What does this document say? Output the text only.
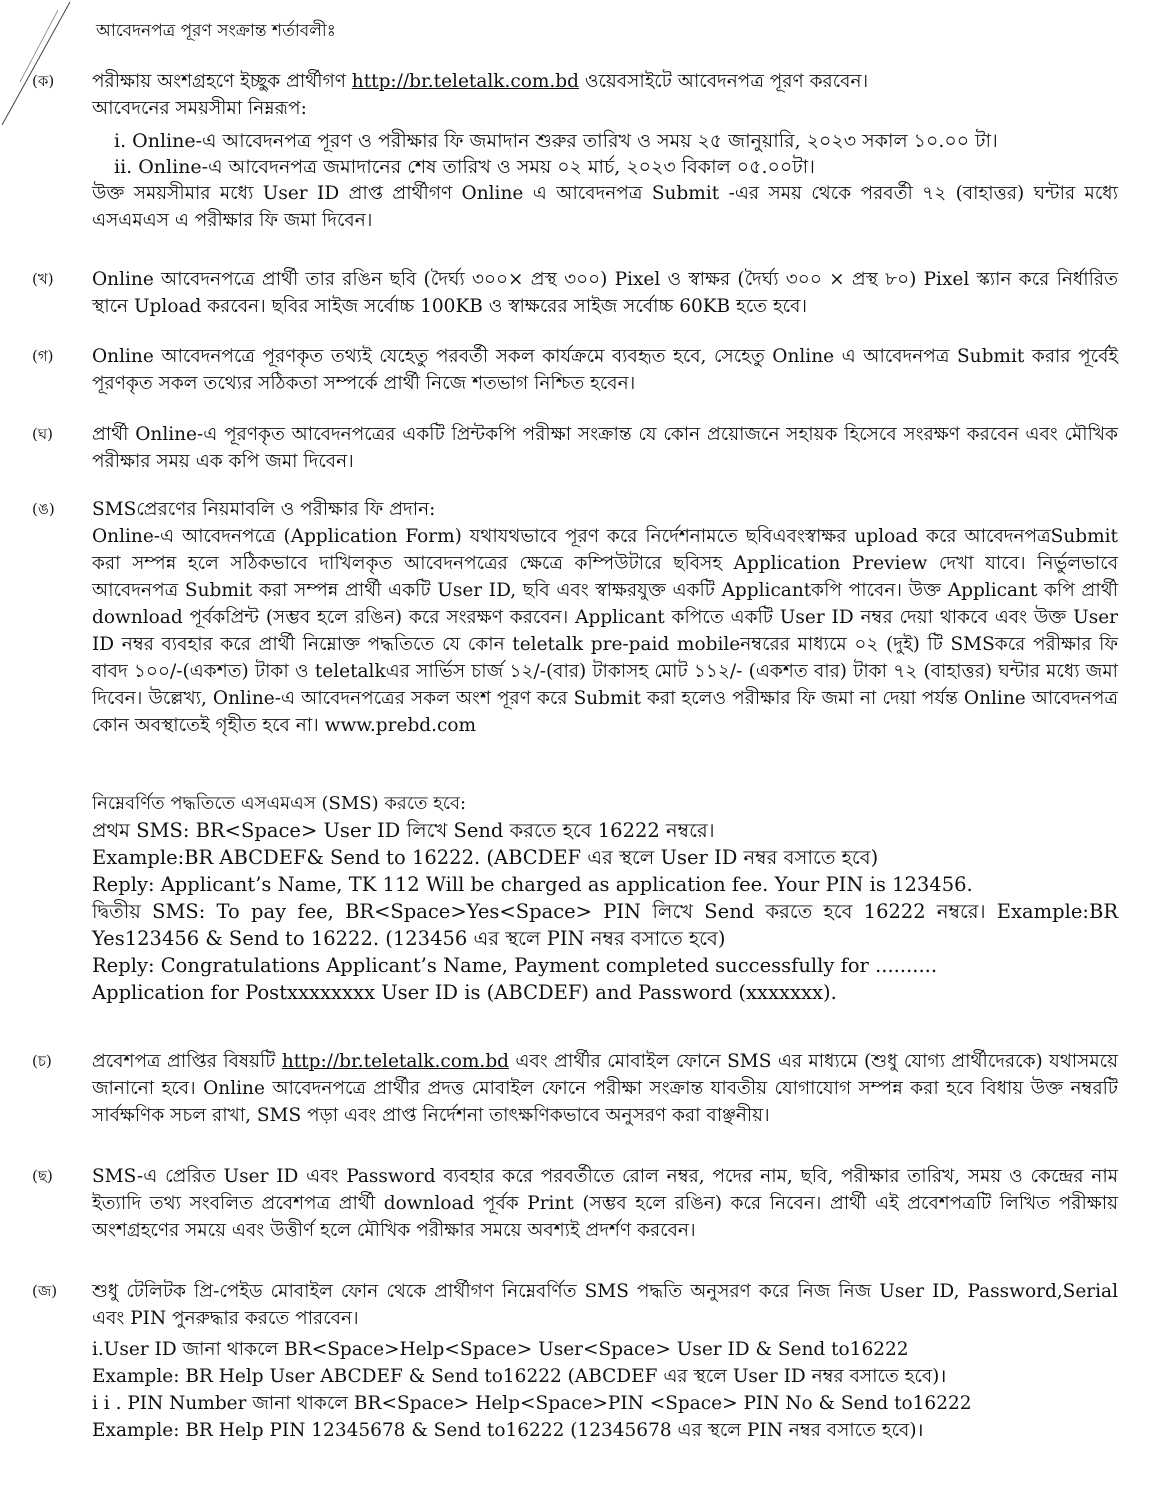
আবেদনপত্র পূরণ সংক্রান্ত শর্তাবলীঃ
(ক) পরীক্ষায় অংশগ্রহণে ইচ্ছুক প্রার্থীগণ http://br.teletalk.com.bd ওয়েবসাইটে আবেদনপত্র পূরণ করবেন।

আবেদনের সময়সীমা নিম্নরূপ:

i. Online-এ আবেদনপত্র পূরণ ও পরীক্ষার ফি জমাদান শুরুর তারিখ ও সময় ২৫ জানুয়ারি, ২০২৩ সকাল ১০.০০ টা।

ii. Online-এ আবেদনপত্র জমাদানের শেষ তারিখ ও সময় ০২ মার্চ, ২০২৩ বিকাল ০৫.০০টা।

উক্ত সময়সীমার মধ্যে User ID প্রাপ্ত প্রার্থীগণ Online এ আবেদনপত্র Submit -এর সময় থেকে পরবর্তী ৭২ (বাহাত্তর) ঘন্টার মধ্যে এসএমএস এ পরীক্ষার ফি জমা দিবেন।

(খ) Online আবেদনপত্রে প্রার্থী তার রঙিন ছবি (দৈর্ঘ্য ৩০০× প্রস্থ ৩০০) Pixel ও স্বাক্ষর (দৈর্ঘ্য ৩০০ × প্রস্থ ৮০) Pixel স্ক্যান করে নির্ধারিত স্থানে Upload করবেন। ছবির সাইজ সর্বোচ্চ 100KB ও স্বাক্ষরের সাইজ সর্বোচ্চ 60KB হতে হবে।

(গ) Online আবেদনপত্রে পূরণকৃত তথ্যই যেহেতু পরবর্তী সকল কার্যক্রমে ব্যবহৃত হবে, সেহেতু Online এ আবেদনপত্র Submit করার পূর্বেই পূরণকৃত সকল তথ্যের সঠিকতা সম্পর্কে প্রার্থী নিজে শতভাগ নিশ্চিত হবেন।

(ঘ) প্রার্থী Online-এ পূরণকৃত আবেদনপত্রের একটি প্রিন্টকপি পরীক্ষা সংক্রান্ত যে কোন প্রয়োজনে সহায়ক হিসেবে সংরক্ষণ করবেন এবং মৌখিক পরীক্ষার সময় এক কপি জমা দিবেন।

(ঙ) SMSপ্রেরণের নিয়মাবলি ও পরীক্ষার ফি প্রদান:

Online-এ আবেদনপত্রে (Application Form) যথাযথভাবে পূরণ করে নির্দেশনামতে ছবিএবংস্বাক্ষর upload করে আবেদনপত্রSubmit করা সম্পন্ন হলে সঠিকভাবে দাখিলকৃত আবেদনপত্রের ক্ষেত্রে কম্পিউটারে ছবিসহ Application Preview দেখা যাবে। নির্ভুলভাবে আবেদনপত্র Submit করা সম্পন্ন প্রার্থী একটি User ID, ছবি এবং স্বাক্ষরযুক্ত একটি Applicantকপি পাবেন। উক্ত Applicant কপি প্রার্থী download পূর্বকপ্রিন্ট (সম্ভব হলে রঙিন) করে সংরক্ষণ করবেন। Applicant কপিতে একটি User ID নম্বর দেয়া থাকবে এবং উক্ত User ID নম্বর ব্যবহার করে প্রার্থী নিম্নোক্ত পদ্ধতিতে যে কোন teletalk pre-paid mobileনম্বরের মাধ্যমে ০২ (দুই) টি SMSকরে পরীক্ষার ফি বাবদ ১০০/-(একশত) টাকা ও teletalkএর সার্ভিস চার্জ ১২/-(বার) টাকাসহ মোট ১১২/- (একশত বার) টাকা ৭২ (বাহাত্তর) ঘন্টার মধ্যে জমা দিবেন। উল্লেখ্য, Online-এ আবেদনপত্রের সকল অংশ পূরণ করে Submit করা হলেও পরীক্ষার ফি জমা না দেয়া পর্যন্ত Online আবেদনপত্র কোন অবস্থাতেই গৃহীত হবে না। www.prebd.com

নিম্নেবর্ণিত পদ্ধতিতে এসএমএস (SMS) করতে হবে:

প্রথম SMS: BR<Space> User ID লিখে Send করতে হবে 16222 নম্বরে।

Example:BR ABCDEF& Send to 16222. (ABCDEF এর স্থলে User ID নম্বর বসাতে হবে)

Reply: Applicant’s Name, TK 112 Will be charged as application fee. Your PIN is 123456.

দ্বিতীয় SMS: To pay fee, BR<Space>Yes<Space> PIN লিখে Send করতে হবে 16222 নম্বরে। Example:BR Yes123456 & Send to 16222. (123456 এর স্থলে PIN নম্বর বসাতে হবে)

Reply: Congratulations Applicant’s Name, Payment completed successfully for ..........

Application for Postxxxxxxxx User ID is (ABCDEF) and Password (xxxxxxx).

(চ) প্রবেশপত্র প্রাপ্তির বিষয়টি http://br.teletalk.com.bd এবং প্রার্থীর মোবাইল ফোনে SMS এর মাধ্যমে (শুধু যোগ্য প্রার্থীদেরকে) যথাসময়ে জানানো হবে। Online আবেদনপত্রে প্রার্থীর প্রদত্ত মোবাইল ফোনে পরীক্ষা সংক্রান্ত যাবতীয় যোগাযোগ সম্পন্ন করা হবে বিধায় উক্ত নম্বরটি সার্বক্ষণিক সচল রাখা, SMS পড়া এবং প্রাপ্ত নির্দেশনা তাৎক্ষণিকভাবে অনুসরণ করা বাঞ্ছনীয়।

(ছ) SMS-এ প্রেরিত User ID এবং Password ব্যবহার করে পরবর্তীতে রোল নম্বর, পদের নাম, ছবি, পরীক্ষার তারিখ, সময় ও কেন্দ্রের নাম ইত্যাদি তথ্য সংবলিত প্রবেশপত্র প্রার্থী download পূর্বক Print (সম্ভব হলে রঙিন) করে নিবেন। প্রার্থী এই প্রবেশপত্রটি লিখিত পরীক্ষায় অংশগ্রহণের সময়ে এবং উত্তীর্ণ হলে মৌখিক পরীক্ষার সময়ে অবশ্যই প্রদর্শণ করবেন।

(জ) শুধু টেলিটক প্রি-পেইড মোবাইল ফোন থেকে প্রার্থীগণ নিম্নেবর্ণিত SMS পদ্ধতি অনুসরণ করে নিজ নিজ User ID, Password,Serial এবং PIN পুনরুদ্ধার করতে পারবেন।

i.User ID জানা থাকলে BR<Space>Help<Space> User<Space> User ID & Send to16222

Example: BR Help User ABCDEF & Send to16222 (ABCDEF এর স্থলে User ID নম্বর বসাতে হবে)।

i i . PIN Number জানা থাকলে BR<Space> Help<Space>PIN <Space> PIN No & Send to16222

Example: BR Help PIN 12345678 & Send to16222 (12345678 এর স্থলে PIN নম্বর বসাতে হবে)।
